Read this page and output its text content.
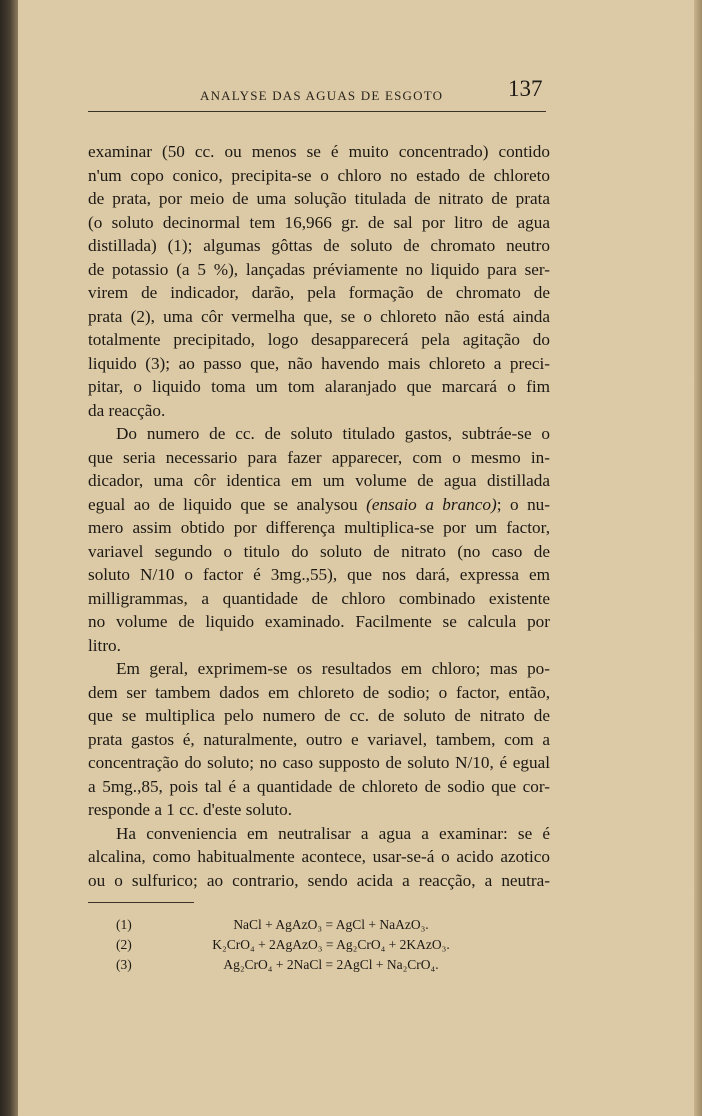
ANALYSE DAS AGUAS DE ESGOTO	137
examinar (50 cc. ou menos se é muito concentrado) contido
n'um copo conico, precipita-se o chloro no estado de chloreto
de prata, por meio de uma solução titulada de nitrato de prata
(o soluto decinormal tem 16,966 gr. de sal por litro de agua
distillada) (1); algumas gôttas de soluto de chromato neutro
de potassio (a 5 %), lançadas préviamente no liquido para ser-
virem de indicador, darão, pela formação de chromato de
prata (2), uma côr vermelha que, se o chloreto não está ainda
totalmente precipitado, logo desapparecerá pela agitação do
liquido (3); ao passo que, não havendo mais chloreto a preci-
pitar, o liquido toma um tom alaranjado que marcará o fim
da reacção.
Do numero de cc. de soluto titulado gastos, subtráe-se o
que seria necessario para fazer apparecer, com o mesmo in-
dicador, uma côr identica em um volume de agua distillada
egual ao de liquido que se analysou (ensaio a branco); o nu-
mero assim obtido por differença multiplica-se por um factor,
variavel segundo o titulo do soluto de nitrato (no caso de
soluto N/10 o factor é 3mg.,55), que nos dará, expressa em
milligrammas, a quantidade de chloro combinado existente
no volume de liquido examinado. Facilmente se calcula por
litro.
Em geral, exprimem-se os resultados em chloro; mas po-
dem ser tambem dados em chloreto de sodio; o factor, então,
que se multiplica pelo numero de cc. de soluto de nitrato de
prata gastos é, naturalmente, outro e variavel, tambem, com a
concentração do soluto; no caso supposto de soluto N/10, é egual
a 5mg.,85, pois tal é a quantidade de chloreto de sodio que cor-
responde a 1 cc. d'este soluto.
Ha conveniencia em neutralisar a agua a examinar: se é
alcalina, como habitualmente acontece, usar-se-á o acido azotico
ou o sulfurico; ao contrario, sendo acida a reacção, a neutra-
(1)	NaCl + AgAzO₃ = AgCl + NaAzO₃.
(2)	K₂CrO₄ + 2AgAzO₃ = Ag₂CrO₄ + 2KAzO₃.
(3)	Ag₂CrO₄ + 2NaCl = 2AgCl + Na₂CrO₄.
